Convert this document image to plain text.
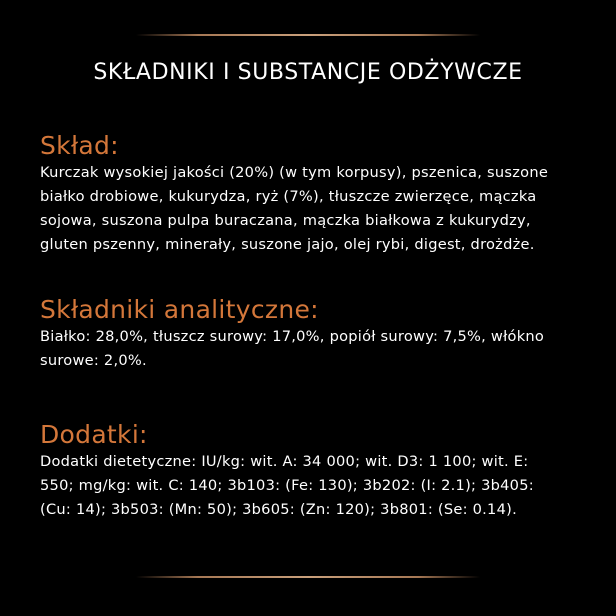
SKŁADNIKI I SUBSTANCJE ODŻYWCZE
Skład:

Kurczak wysokiej jakości (20%) (w tym korpusy), pszenica, suszone
białko drobiowe, kukurydza, ryż (7%), tłuszcze zwierzęce, mączka
sojowa, suszona pulpa buraczana, mączka białkowa z kukurydzy,
gluten pszenny, minerały, suszone jajo, olej rybi, digest, drożdże.

Składniki analityczne:

Białko: 28,0%, tłuszcz surowy: 17,0%, popiół surowy: 7,5%, włókno
surowe: 2,0%.

Dodatki:

Dodatki dietetyczne: IU/kg: wit. A: 34 000; wit. D3: 1 100; wit. E:
550; mg/kg: wit. C: 140; 3b103: (Fe: 130); 3b202: (I: 2.1); 3b405:
(Cu: 14); 3b503: (Mn: 50); 3b605: (Zn: 120); 3b801: (Se: 0.14).
